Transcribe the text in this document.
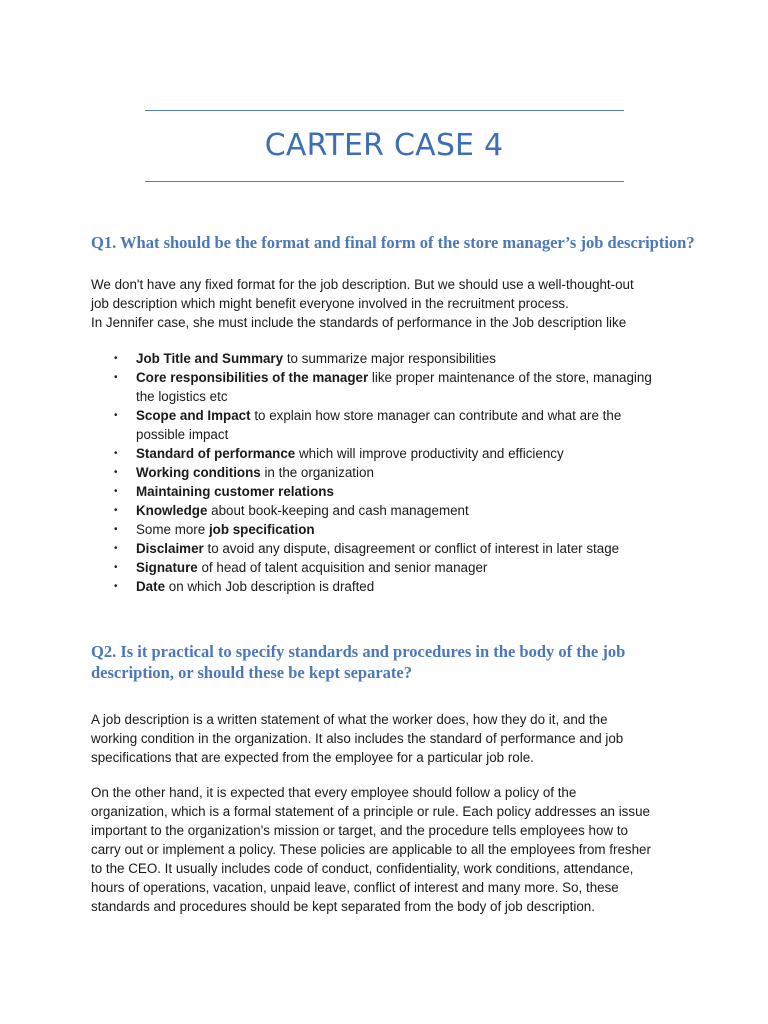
CARTER CASE 4
Q1. What should be the format and final form of the store manager’s job description?

We don't have any fixed format for the job description. But we should use a well-thought-out
job description which might benefit everyone involved in the recruitment process.
In Jennifer case, she must include the standards of performance in the Job description like

• Job Title and Summary to summarize major responsibilities
• Core responsibilities of the manager like proper maintenance of the store, managing
the logistics etc
• Scope and Impact to explain how store manager can contribute and what are the
possible impact
• Standard of performance which will improve productivity and efficiency
• Working conditions in the organization
• Maintaining customer relations
• Knowledge about book-keeping and cash management
• Some more job specification
• Disclaimer to avoid any dispute, disagreement or conflict of interest in later stage
• Signature of head of talent acquisition and senior manager
• Date on which Job description is drafted
Q2. Is it practical to specify standards and procedures in the body of the job
description, or should these be kept separate?

A job description is a written statement of what the worker does, how they do it, and the
working condition in the organization. It also includes the standard of performance and job
specifications that are expected from the employee for a particular job role.

On the other hand, it is expected that every employee should follow a policy of the
organization, which is a formal statement of a principle or rule. Each policy addresses an issue
important to the organization's mission or target, and the procedure tells employees how to
carry out or implement a policy. These policies are applicable to all the employees from fresher
to the CEO. It usually includes code of conduct, confidentiality, work conditions, attendance,
hours of operations, vacation, unpaid leave, conflict of interest and many more. So, these
standards and procedures should be kept separated from the body of job description.
